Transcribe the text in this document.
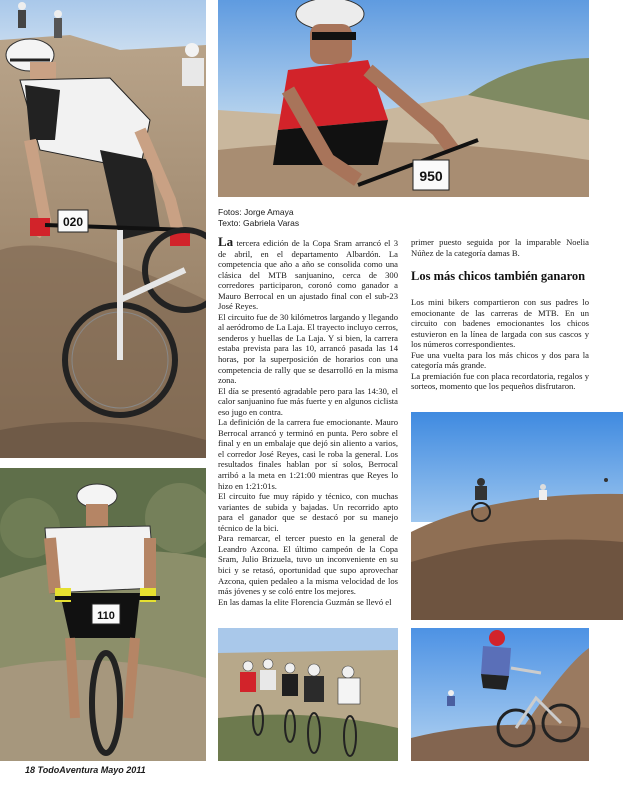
020
950
110
Fotos: Jorge Amaya
Texto: Gabriela Varas

La tercera edición de la Copa Sram arrancó el 3 de abril, en el departamento Albardón. La competencia que año a año se consolida como una clásica del MTB sanjuanino, cerca de 300 corredores participaron, coronó como ganador a Mauro Berrocal en un ajustado final con el sub-23 José Reyes.

El circuito fue de 30 kilómetros largando y llegando al aeródromo de La Laja. El trayecto incluyo cerros, senderos y huellas de La Laja. Y si bien, la carrera estaba prevista para las 10, arrancó pasada las 14 horas, por la superposición de horarios con una competencia de rally que se desarrolló en la misma zona.

El día se presentó agradable pero para las 14:30, el calor sanjuanino fue más fuerte y en algunos ciclista eso jugo en contra.

La definición de la carrera fue emocionante. Mauro Berrocal arrancó y terminó en punta. Pero sobre el final y en un embalaje que dejó sin aliento a varios, el corredor José Reyes, casi le roba la general. Los resultados finales hablan por sí solos, Berrocal arribó a la meta en 1:21:00 mientras que Reyes lo hizo en 1:21:01s.

El circuito fue muy rápido y técnico, con muchas variantes de subida y bajadas. Un recorrido apto para el ganador que se destacó por su manejo técnico de la bici.

Para remarcar, el tercer puesto en la general de Leandro Azcona. El último campeón de la Copa Sram, Julio Brizuela, tuvo un inconveniente en su bici y se retasó, oportunidad que supo aprovechar Azcona, quien pedaleo a la misma velocidad de los más jóvenes y se coló entre los mejores.

En las damas la elite Florencia Guzmán se llevó el

primer puesto seguida por la imparable Noelia Núñez de la categoría damas B.

Los más chicos también ganaron

Los mini bikers compartieron con sus padres lo emocionante de las carreras de MTB. En un circuito con badenes emocionantes los chicos estuvieron en la línea de largada con sus cascos y los números correspondientes.

Fue una vuelta para los más chicos y dos para la categoría más grande.

La premiación fue con placa recordatoria, regalos y sorteos, momento que los pequeños disfrutaron.

18 TodoAventura Mayo 2011
